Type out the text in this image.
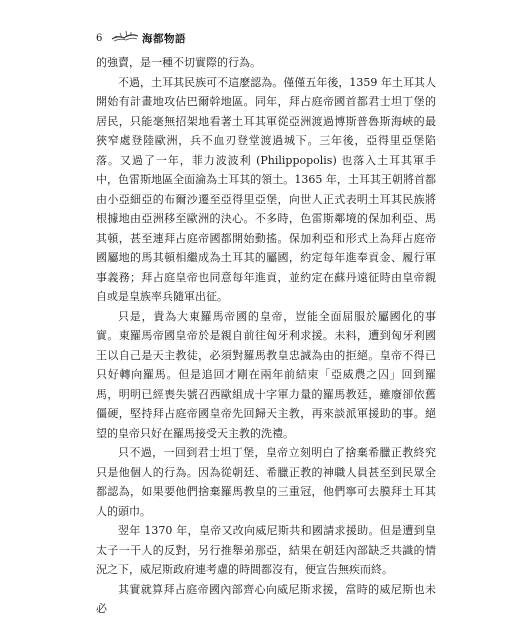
6	海都物語

的強賣，是一種不切實際的行為。

不過，土耳其民族可不這麼認為。僅僅五年後，1359 年土耳其人開始有計畫地攻佔巴爾幹地區。同年，拜占庭帝國首都君士坦丁堡的居民，只能毫無招架地看著土耳其軍從亞洲渡過博斯普魯斯海峽的最狹窄處登陸歐洲，兵不血刃登堂渡過城下。三年後，亞得里亞堡陷落。又過了一年，菲力波波利 (Philippopolis) 也落入土耳其軍手中，色雷斯地區全面淪為土耳其的領土。1365 年，土耳其王朝將首都由小亞細亞的布爾沙遷至亞得里亞堡，向世人正式表明土耳其民族將根據地由亞洲移至歐洲的決心。不多時，色雷斯鄰境的保加利亞、馬其頓，甚至連拜占庭帝國都開始動搖。保加利亞和形式上為拜占庭帝國屬地的馬其頓相繼成為土耳其的屬國，約定每年進奉貢金、履行軍事義務；拜占庭皇帝也同意每年進貢，並約定在蘇丹遠征時由皇帝親自或是皇族率兵隨軍出征。

只是，貴為大東羅馬帝國的皇帝，豈能全面屈服於屬國化的事實。東羅馬帝國皇帝於是親自前往匈牙利求援。未料，遭到匈牙利國王以自己是天主教徒，必須對羅馬教皇忠誠為由的拒絕。皇帝不得已只好轉向羅馬。但是追回才剛在兩年前結束「亞威農之囚」回到羅馬，明明已經喪失號召西歐組成十字軍力量的羅馬教廷，雖廢卻依舊僵硬，堅持拜占庭帝國皇帝先回歸天主教，再來談派軍援助的事。絕望的皇帝只好在羅馬接受天主教的洗禮。

只不過，一回到君士坦丁堡，皇帝立刻明白了捨棄希臘正教終究只是他個人的行為。因為從朝廷、希臘正教的神職人員甚至到民眾全都認為，如果要他們捨棄羅馬教皇的三重冠，他們寧可去膜拜土耳其人的頭巾。

翌年 1370 年，皇帝又改向威尼斯共和國請求援助。但是遭到皇太子一干人的反對，另行推舉弟那亞，結果在朝廷內部缺乏共識的情況之下，威尼斯政府連考慮的時間都沒有，便宣告無疾而終。

其實就算拜占庭帝國內部齊心向威尼斯求援，當時的威尼斯也未必
